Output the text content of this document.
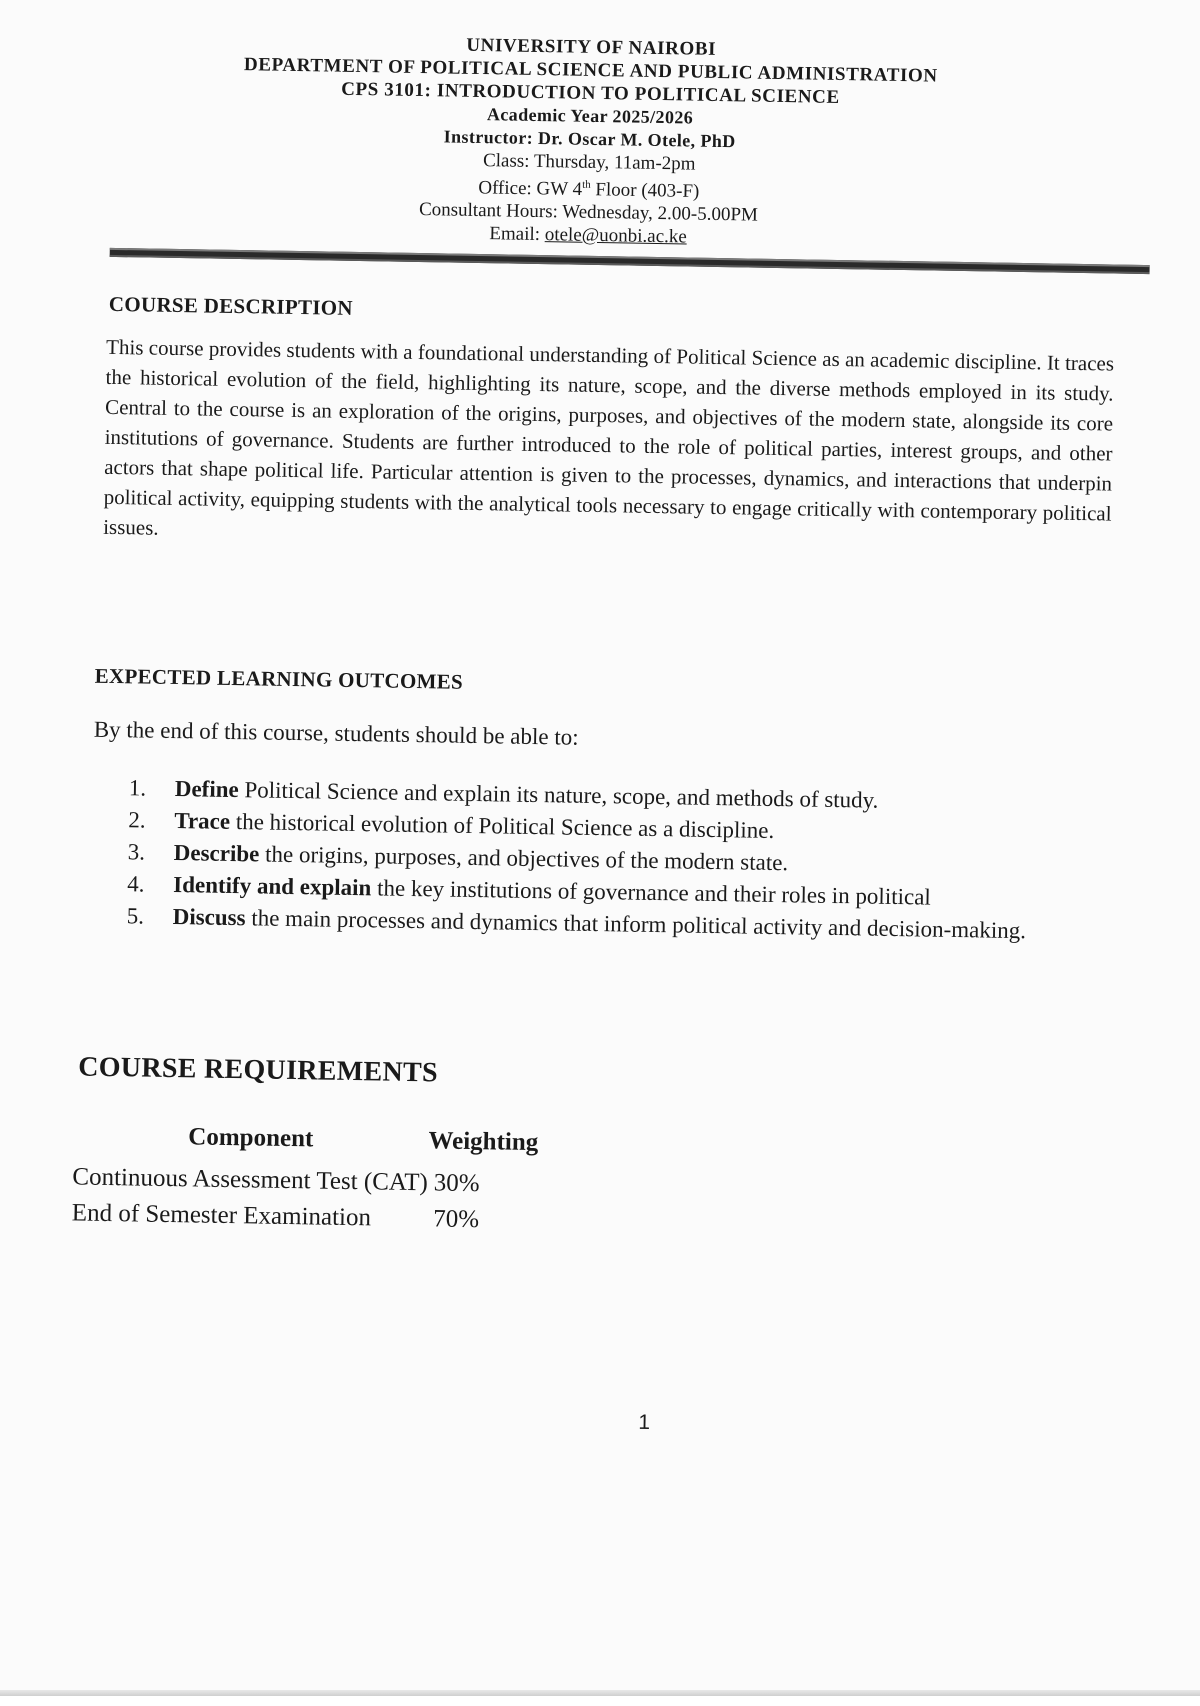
UNIVERSITY OF NAIROBI
DEPARTMENT OF POLITICAL SCIENCE AND PUBLIC ADMINISTRATION
CPS 3101: INTRODUCTION TO POLITICAL SCIENCE
Academic Year 2025/2026
Instructor: Dr. Oscar M. Otele, PhD
Class: Thursday, 11am-2pm
Office: GW 4th Floor (403-F)
Consultant Hours: Wednesday, 2.00-5.00PM
Email: otele@uonbi.ac.ke
COURSE DESCRIPTION
This course provides students with a foundational understanding of Political Science as an academic discipline. It traces the historical evolution of the field, highlighting its nature, scope, and the diverse methods employed in its study. Central to the course is an exploration of the origins, purposes, and objectives of the modern state, alongside its core institutions of governance. Students are further introduced to the role of political parties, interest groups, and other actors that shape political life. Particular attention is given to the processes, dynamics, and interactions that underpin political activity, equipping students with the analytical tools necessary to engage critically with contemporary political issues.
EXPECTED LEARNING OUTCOMES
By the end of this course, students should be able to:
1. Define Political Science and explain its nature, scope, and methods of study.
2. Trace the historical evolution of Political Science as a discipline.
3. Describe the origins, purposes, and objectives of the modern state.
4. Identify and explain the key institutions of governance and their roles in political
5. Discuss the main processes and dynamics that inform political activity and decision-making.
COURSE REQUIREMENTS
Component	Weighting
Continuous Assessment Test (CAT)	30%
End of Semester Examination	70%
1
